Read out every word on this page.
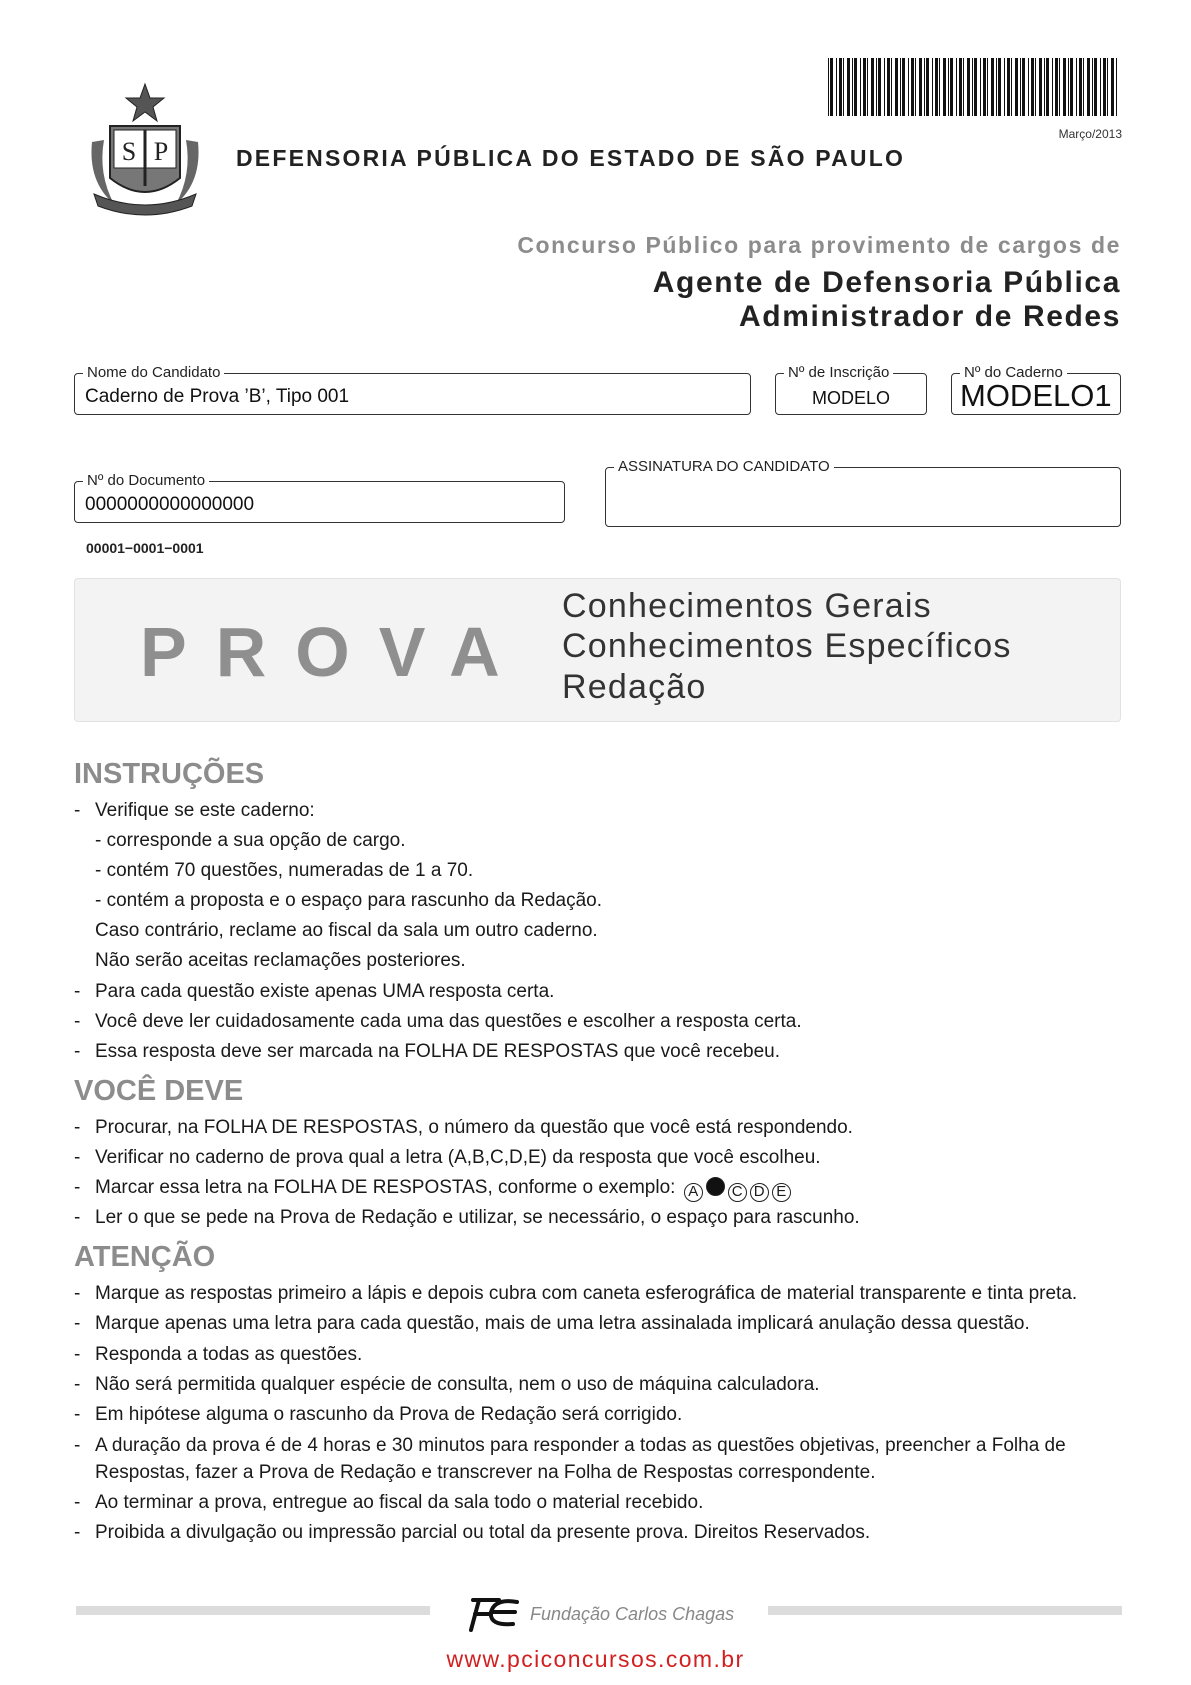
S P
Março/2013
DEFENSORIA PÚBLICA DO ESTADO DE SÃO PAULO
Concurso Público para provimento de cargos de
Agente de Defensoria Pública
Administrador de Redes
Nome do Candidato
Caderno de Prova ’B’, Tipo 001
Nº de Inscrição
MODELO
Nº do Caderno
MODELO1
Nº do Documento
0000000000000000
ASSINATURA DO CANDIDATO
00001−0001−0001
PROVA
Conhecimentos Gerais
Conhecimentos Específicos
Redação
INSTRUÇÕES
- Verifique se este caderno:
- corresponde a sua opção de cargo.
- contém 70 questões, numeradas de 1 a 70.
- contém a proposta e o espaço para rascunho da Redação.
Caso contrário, reclame ao fiscal da sala um outro caderno.
Não serão aceitas reclamações posteriores.
- Para cada questão existe apenas UMA resposta certa.
- Você deve ler cuidadosamente cada uma das questões e escolher a resposta certa.
- Essa resposta deve ser marcada na FOLHA DE RESPOSTAS que você recebeu.
VOCÊ DEVE
- Procurar, na FOLHA DE RESPOSTAS, o número da questão que você está respondendo.
- Verificar no caderno de prova qual a letra (A,B,C,D,E) da resposta que você escolheu.
- Marcar essa letra na FOLHA DE RESPOSTAS, conforme o exemplo: A C D E
- Ler o que se pede na Prova de Redação e utilizar, se necessário, o espaço para rascunho.
ATENÇÃO
- Marque as respostas primeiro a lápis e depois cubra com caneta esferográfica de material transparente e tinta preta.
- Marque apenas uma letra para cada questão, mais de uma letra assinalada implicará anulação dessa questão.
- Responda a todas as questões.
- Não será permitida qualquer espécie de consulta, nem o uso de máquina calculadora.
- Em hipótese alguma o rascunho da Prova de Redação será corrigido.
- A duração da prova é de 4 horas e 30 minutos para responder a todas as questões objetivas, preencher a Folha de
Respostas, fazer a Prova de Redação e transcrever na Folha de Respostas correspondente.
- Ao terminar a prova, entregue ao fiscal da sala todo o material recebido.
- Proibida a divulgação ou impressão parcial ou total da presente prova. Direitos Reservados.
Fundação Carlos Chagas
www.pciconcursos.com.br
